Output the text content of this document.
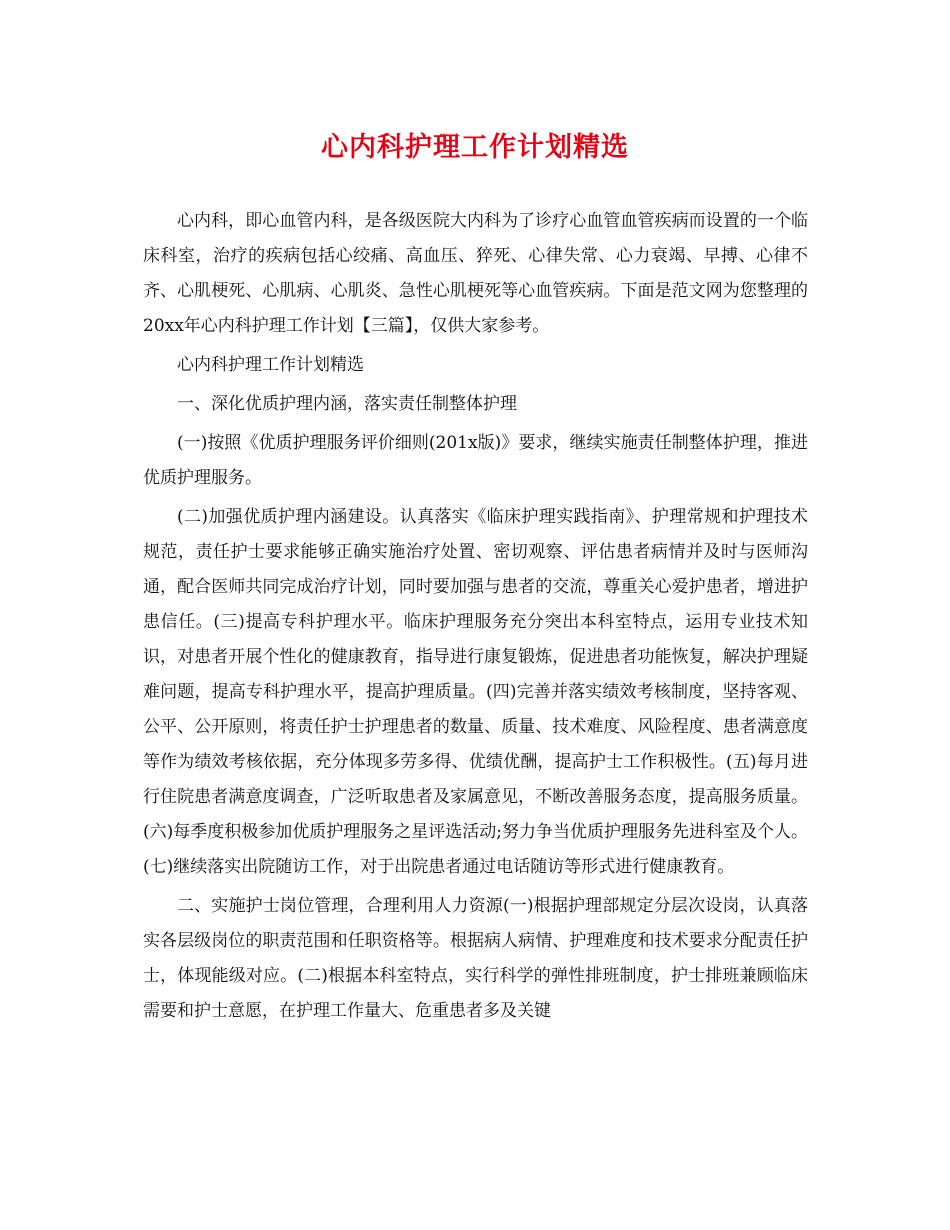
心内科护理工作计划精选

心内科，即心血管内科，是各级医院大内科为了诊疗心血管血管疾病而设置的一个临床科室，治疗的疾病包括心绞痛、高血压、猝死、心律失常、心力衰竭、早搏、心律不齐、心肌梗死、心肌病、心肌炎、急性心肌梗死等心血管疾病。下面是范文网为您整理的20xx年心内科护理工作计划【三篇】，仅供大家参考。

心内科护理工作计划精选

一、深化优质护理内涵，落实责任制整体护理

(一)按照《优质护理服务评价细则(201x版)》要求，继续实施责任制整体护理，推进优质护理服务。

(二)加强优质护理内涵建设。认真落实《临床护理实践指南》、护理常规和护理技术规范，责任护士要求能够正确实施治疗处置、密切观察、评估患者病情并及时与医师沟通，配合医师共同完成治疗计划，同时要加强与患者的交流，尊重关心爱护患者，增进护患信任。(三)提高专科护理水平。临床护理服务充分突出本科室特点，运用专业技术知识，对患者开展个性化的健康教育，指导进行康复锻炼，促进患者功能恢复，解决护理疑难问题，提高专科护理水平，提高护理质量。(四)完善并落实绩效考核制度，坚持客观、公平、公开原则，将责任护士护理患者的数量、质量、技术难度、风险程度、患者满意度等作为绩效考核依据，充分体现多劳多得、优绩优酬，提高护士工作积极性。(五)每月进行住院患者满意度调查，广泛听取患者及家属意见，不断改善服务态度，提高服务质量。(六)每季度积极参加优质护理服务之星评选活动;努力争当优质护理服务先进科室及个人。(七)继续落实出院随访工作，对于出院患者通过电话随访等形式进行健康教育。

二、实施护士岗位管理，合理利用人力资源(一)根据护理部规定分层次设岗，认真落实各层级岗位的职责范围和任职资格等。根据病人病情、护理难度和技术要求分配责任护士，体现能级对应。(二)根据本科室特点，实行科学的弹性排班制度，护士排班兼顾临床需要和护士意愿，在护理工作量大、危重患者多及关键
